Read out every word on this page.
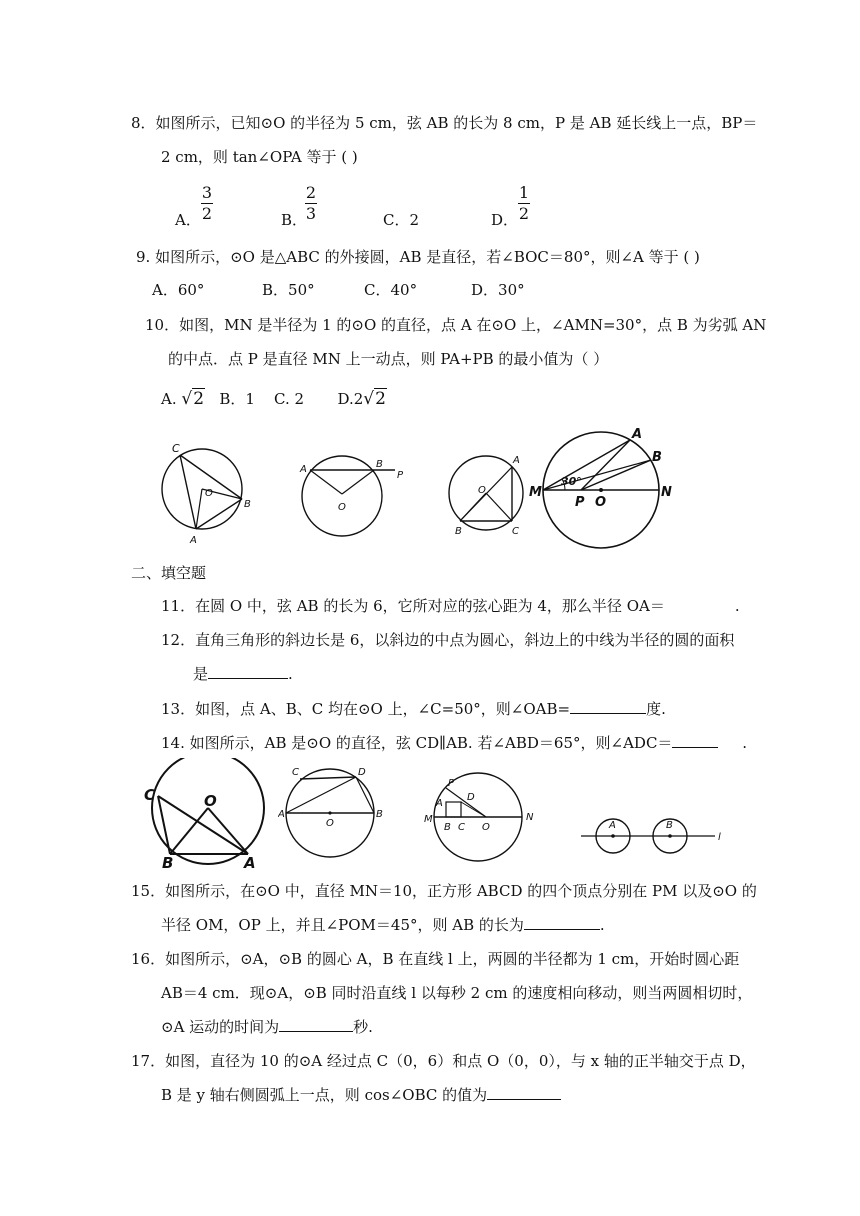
8．如图所示，已知⊙O 的半径为 5 cm，弦 AB 的长为 8 cm，P 是 AB 延长线上一点，BP＝
2 cm，则 tan∠OPA 等于 ( )
A．
3
2	B．
2
3	C．2	D．
1
2
9. 如图所示，⊙O 是△ABC 的外接圆，AB 是直径，若∠BOC＝80°，则∠A 等于 ( )
A．60°	B．50°	C．40°	D．30°
10．如图，MN 是半径为 1 的⊙O 的直径，点 A 在⊙O 上，∠AMN=30°，点 B 为劣弧 AN
的中点．点 P 是直径 MN 上一动点，则 PA+PB 的最小值为（ ）
A. √2 B．1 C. 2 D.2√2
C
O
B
A
A	B
P
O
A
O
B	C
A
B
M	N
P O
30°
二、填空题
11．在圆 O 中，弦 AB 的长为 6，它所对应的弦心距为 4，那么半径 OA＝	.
12．直角三角形的斜边长是 6，以斜边的中点为圆心，斜边上的中线为半径的圆的面积
是	.
13．如图，点 A、B、C 均在⊙O 上，∠C=50°，则∠OAB=	度.
14. 如图所示，AB 是⊙O 的直径，弦 CD∥AB. 若∠ABD＝65°，则∠ADC＝	.
C	O
B	A
C	D
A	B
O
P
D
A
M
B C O
N
A	B
l
15．如图所示，在⊙O 中，直径 MN＝10，正方形 ABCD 的四个顶点分别在 PM 以及⊙O 的
半径 OM，OP 上，并且∠POM＝45°，则 AB 的长为	.
16．如图所示，⊙A，⊙B 的圆心 A，B 在直线 l 上，两圆的半径都为 1 cm，开始时圆心距
AB＝4 cm．现⊙A，⊙B 同时沿直线 l 以每秒 2 cm 的速度相向移动，则当两圆相切时，
⊙A 运动的时间为	秒.
17．如图，直径为 10 的⊙A 经过点 C（0，6）和点 O（0，0），与 x 轴的正半轴交于点 D，
B 是 y 轴右侧圆弧上一点，则 cos∠OBC 的值为
